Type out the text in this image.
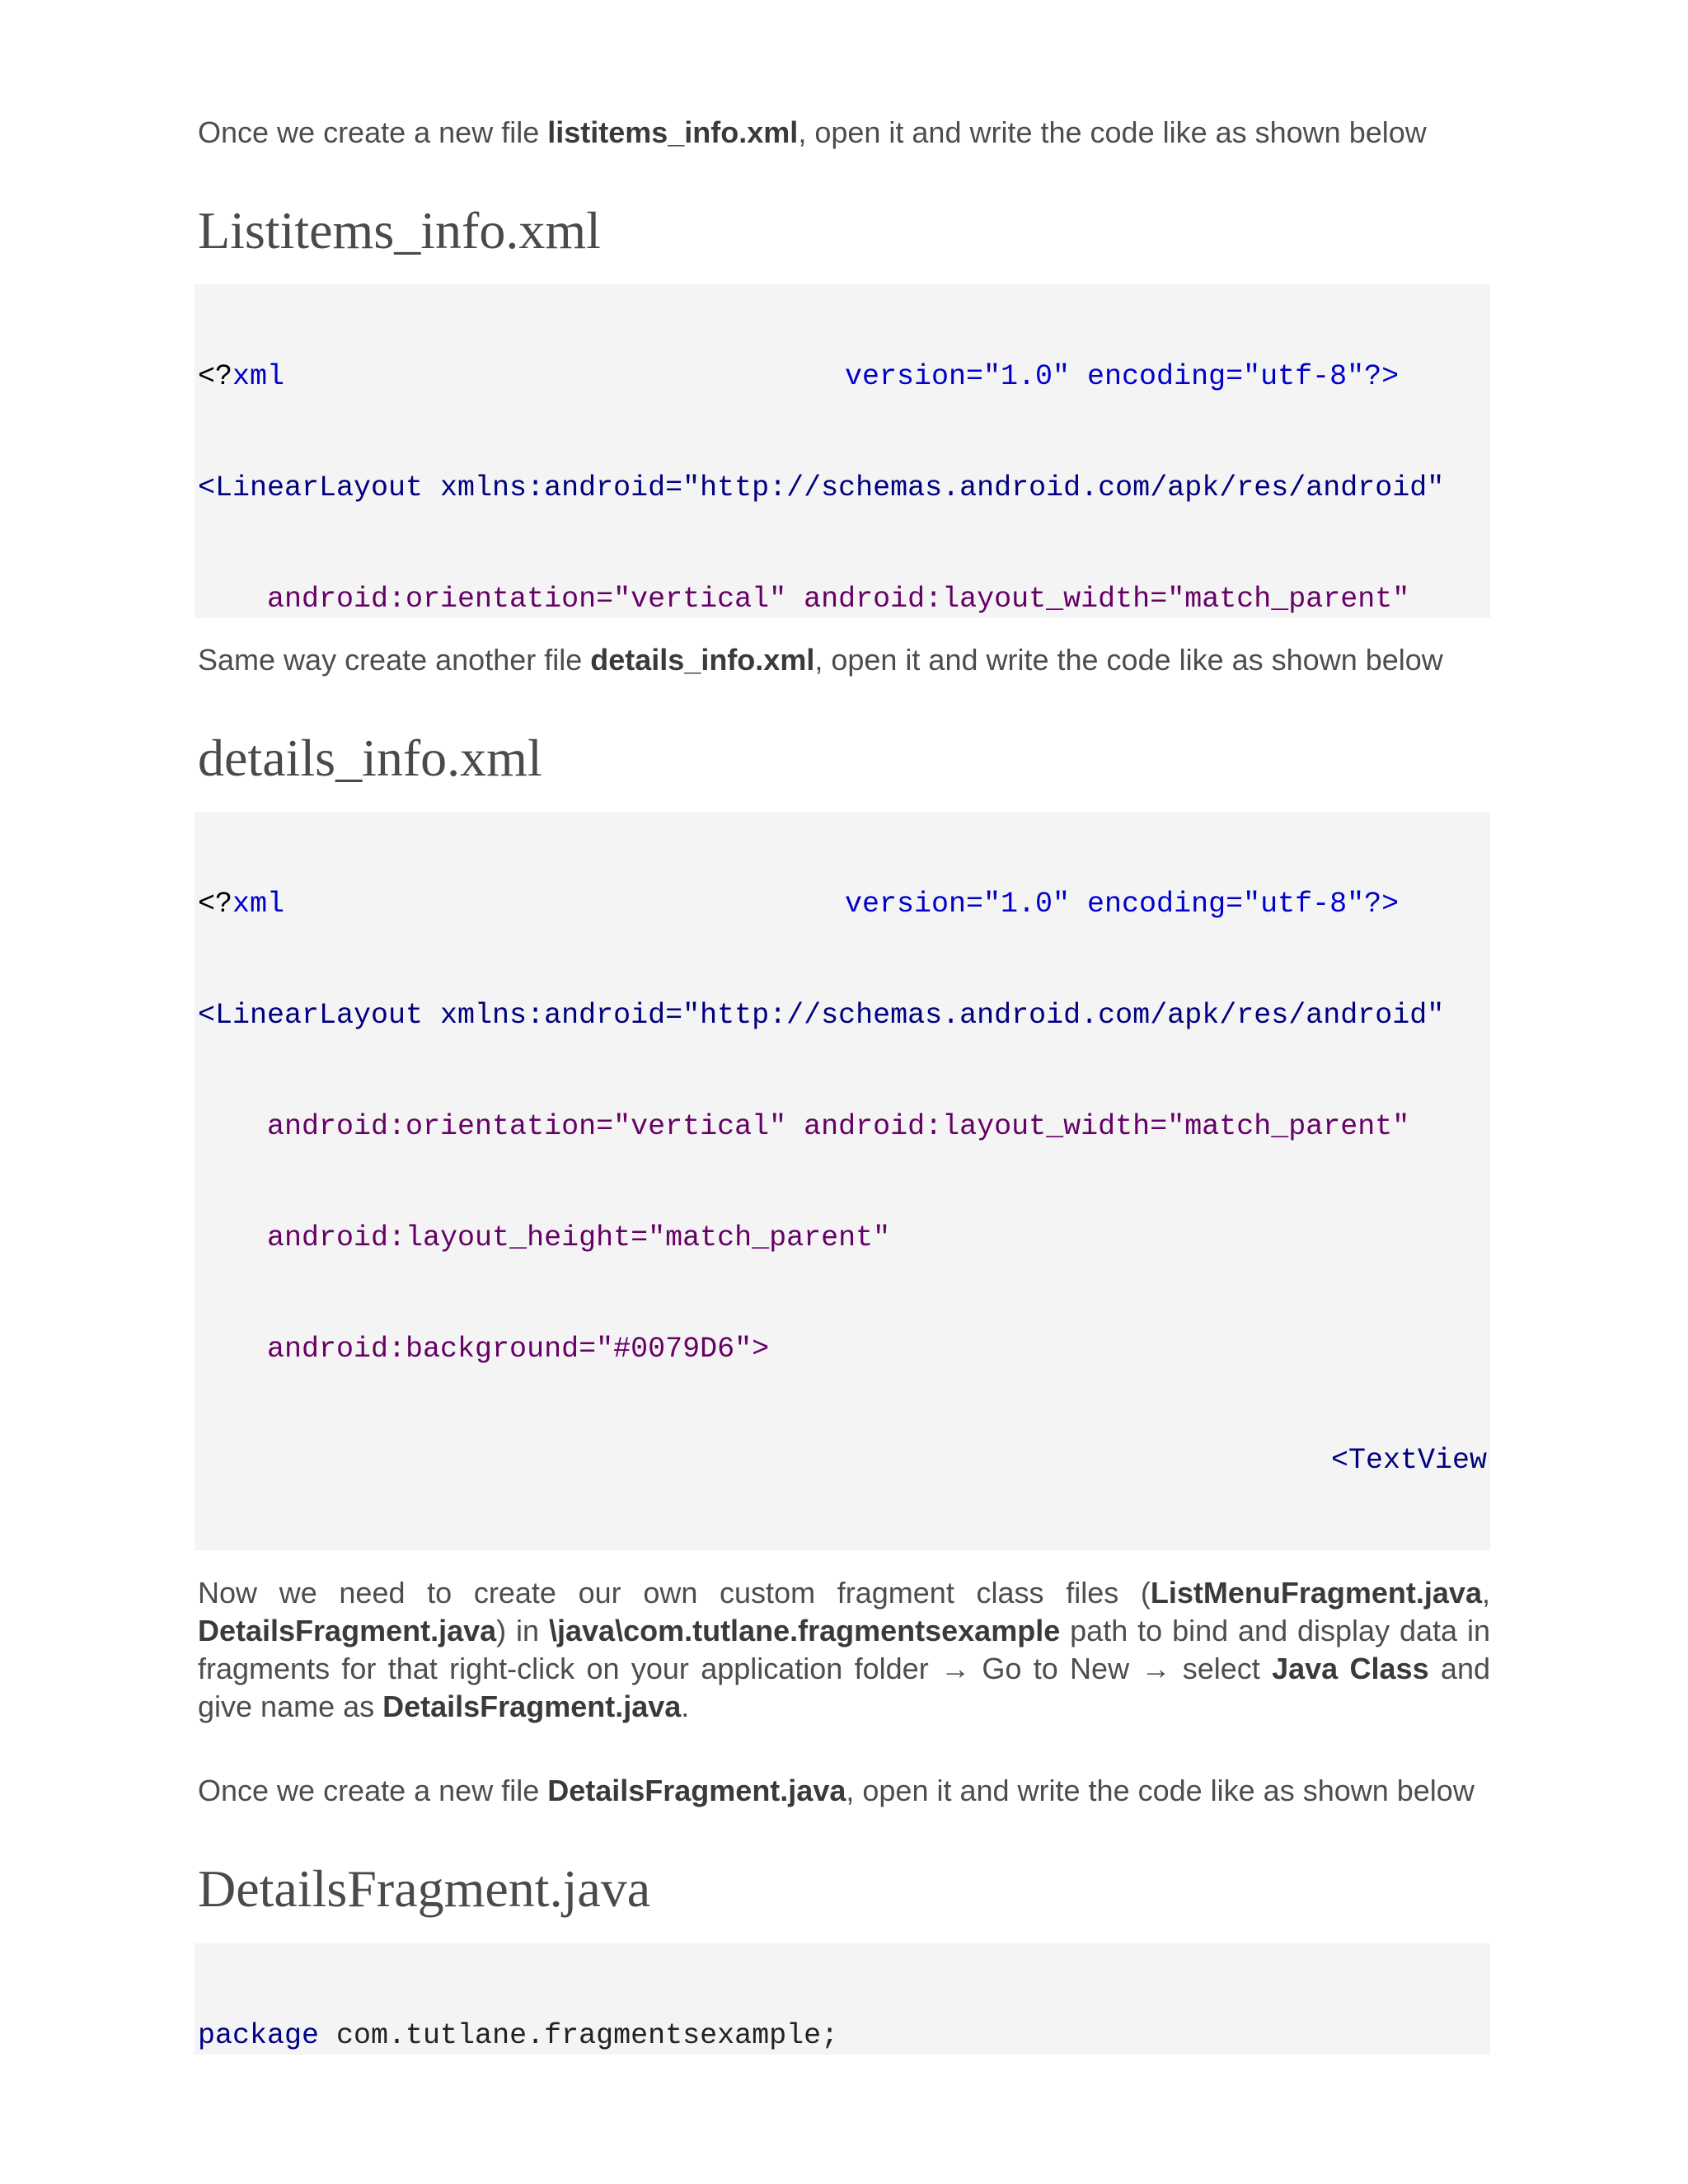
Once we create a new file listitems_info.xml, open it and write the code like as shown below

Listitems_info.xml

<?xml	version="1.0" encoding="utf-8"?>

<LinearLayout xmlns:android="http://schemas.android.com/apk/res/android"

android:orientation="vertical" android:layout_width="match_parent"

Same way create another file details_info.xml, open it and write the code like as shown below

details_info.xml

<?xml	version="1.0" encoding="utf-8"?>

<LinearLayout xmlns:android="http://schemas.android.com/apk/res/android"

android:orientation="vertical" android:layout_width="match_parent"

android:layout_height="match_parent"

android:background="#0079D6">

<TextView

Now we need to create our own custom fragment class files (ListMenuFragment.java, DetailsFragment.java) in \java\com.tutlane.fragmentsexample path to bind and display data in fragments for that right-click on your application folder → Go to New → select Java Class and give name as DetailsFragment.java.

Once we create a new file DetailsFragment.java, open it and write the code like as shown below

DetailsFragment.java

package com.tutlane.fragmentsexample;
